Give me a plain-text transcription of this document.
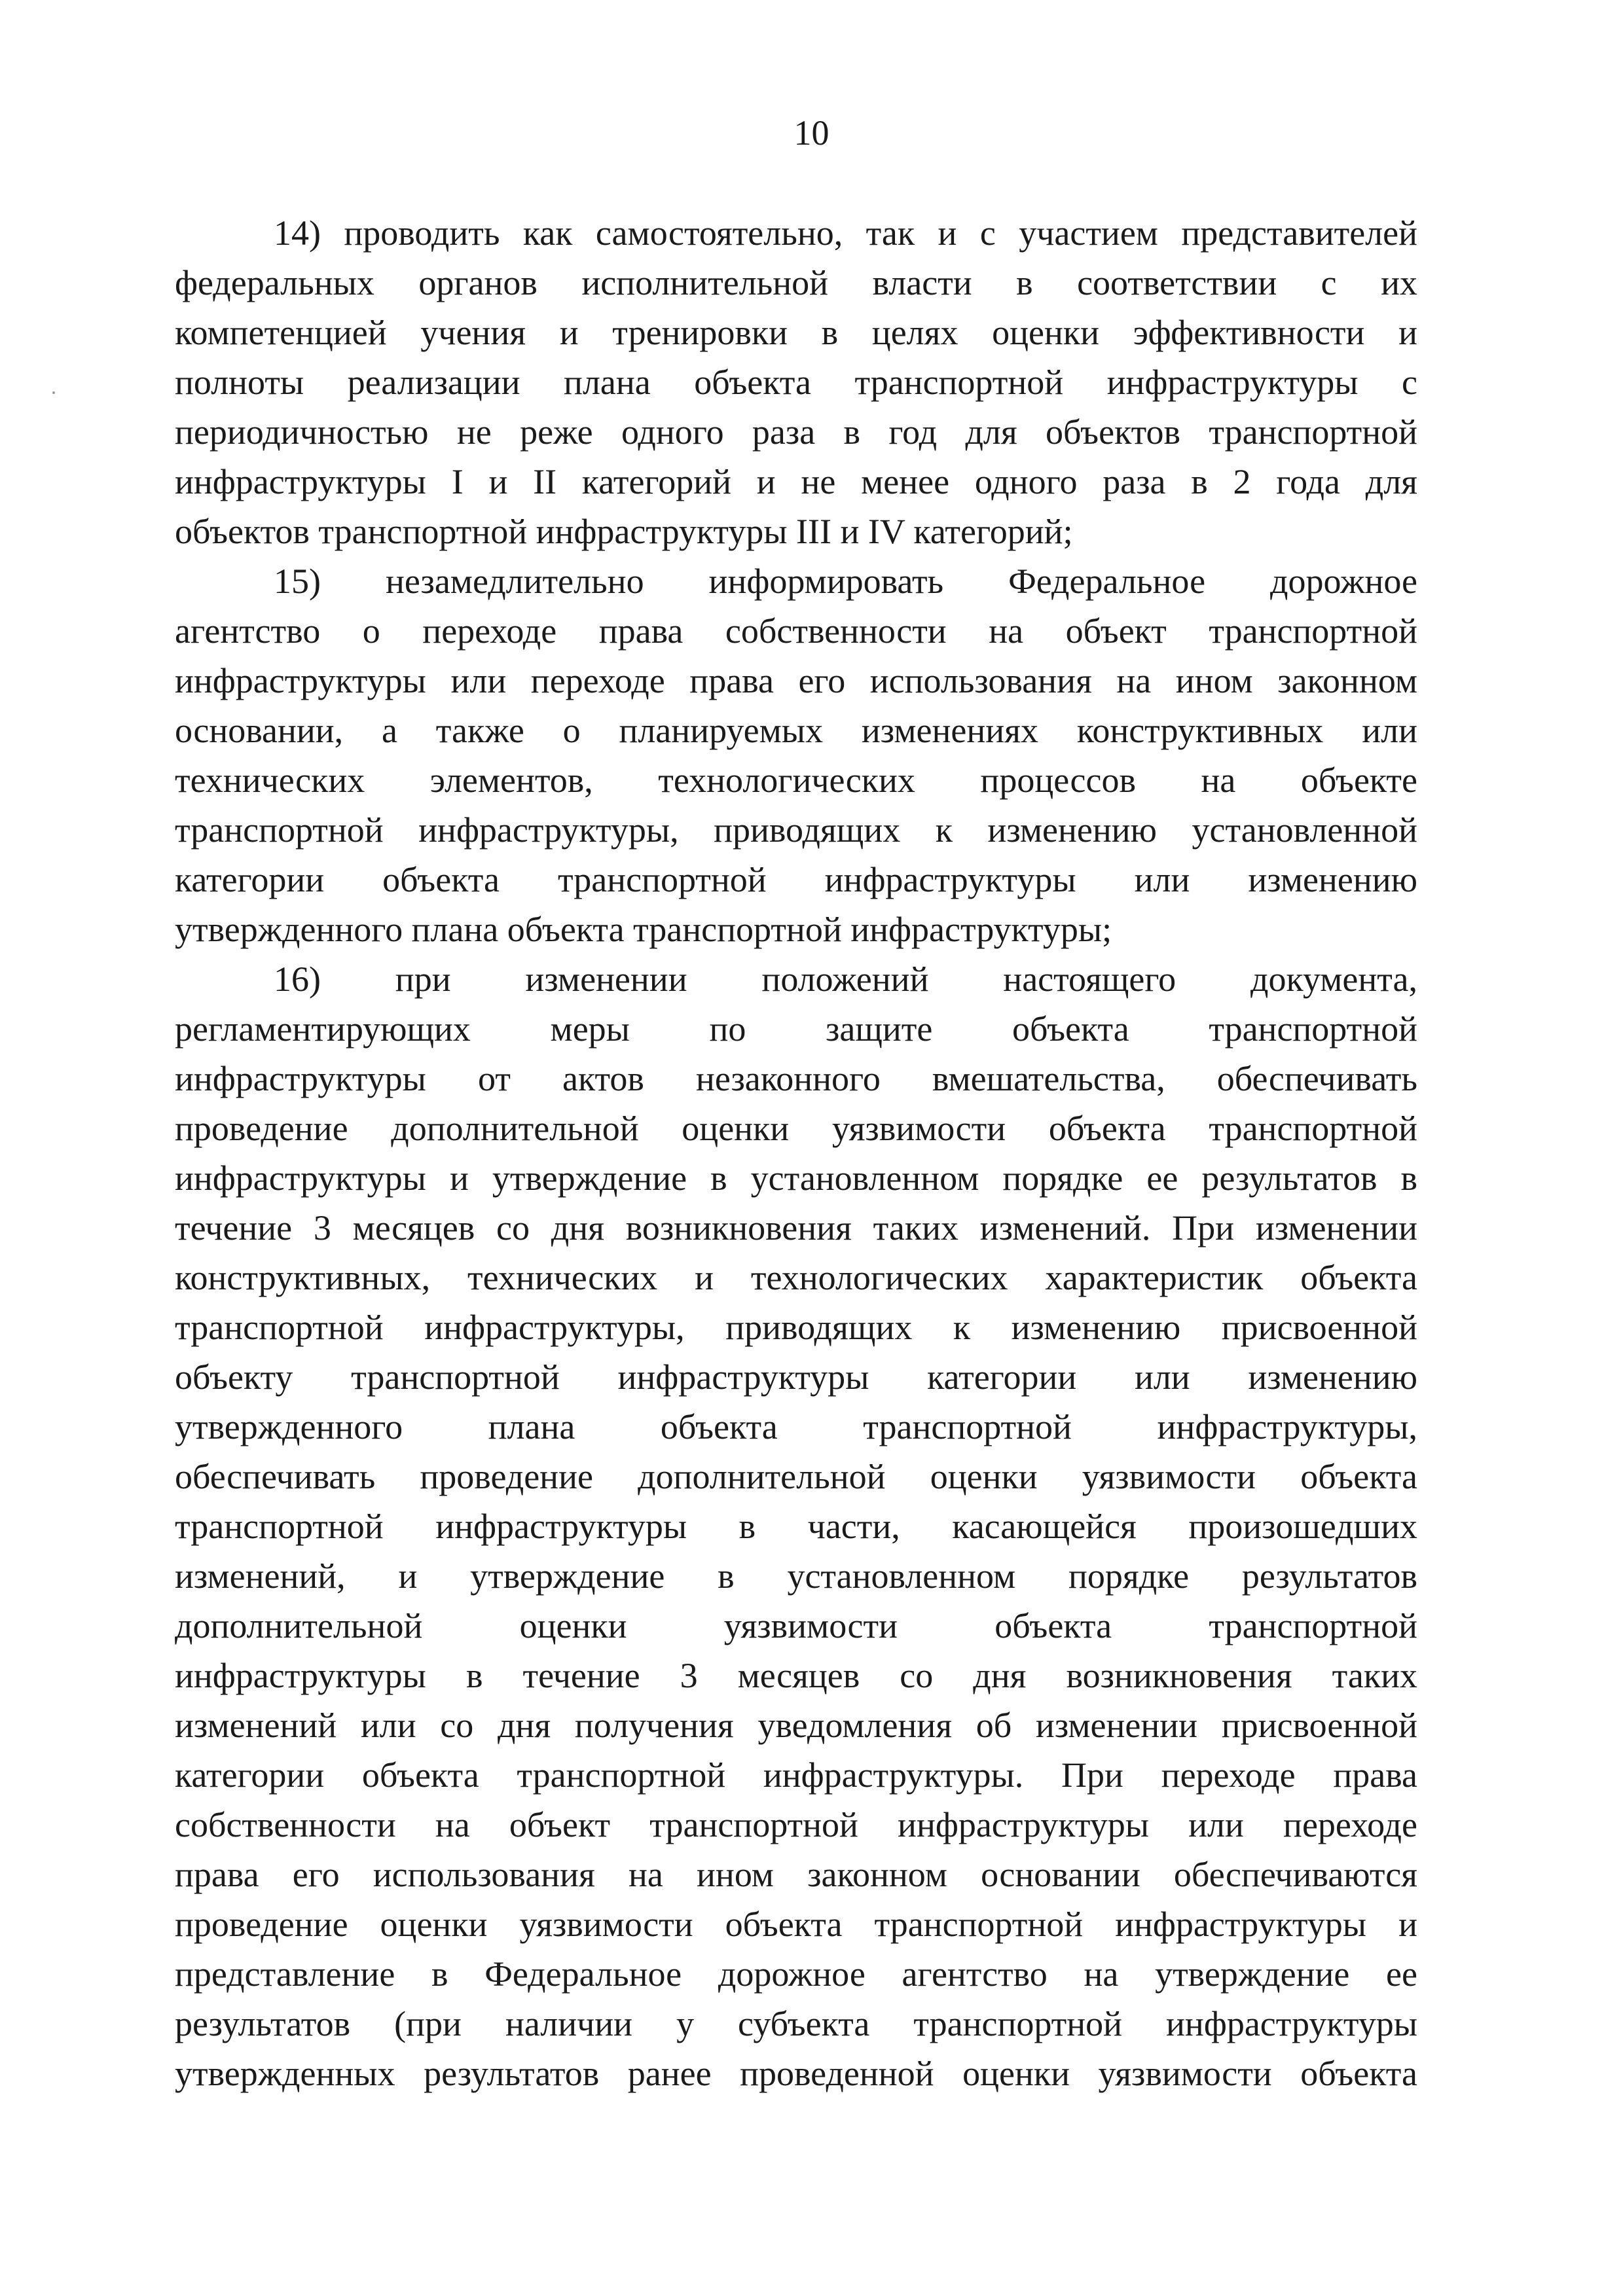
10
14) проводить как самостоятельно, так и с участием представителей
федеральных органов исполнительной власти в соответствии с их
компетенцией учения и тренировки в целях оценки эффективности и
полноты реализации плана объекта транспортной инфраструктуры с
периодичностью не реже одного раза в год для объектов транспортной
инфраструктуры I и II категорий и не менее одного раза в 2 года для
объектов транспортной инфраструктуры III и IV категорий;
15) незамедлительно информировать Федеральное дорожное
агентство о переходе права собственности на объект транспортной
инфраструктуры или переходе права его использования на ином законном
основании, а также о планируемых изменениях конструктивных или
технических элементов, технологических процессов на объекте
транспортной инфраструктуры, приводящих к изменению установленной
категории объекта транспортной инфраструктуры или изменению
утвержденного плана объекта транспортной инфраструктуры;
16) при изменении положений настоящего документа,
регламентирующих меры по защите объекта транспортной
инфраструктуры от актов незаконного вмешательства, обеспечивать
проведение дополнительной оценки уязвимости объекта транспортной
инфраструктуры и утверждение в установленном порядке ее результатов в
течение 3 месяцев со дня возникновения таких изменений. При изменении
конструктивных, технических и технологических характеристик объекта
транспортной инфраструктуры, приводящих к изменению присвоенной
объекту транспортной инфраструктуры категории или изменению
утвержденного плана объекта транспортной инфраструктуры,
обеспечивать проведение дополнительной оценки уязвимости объекта
транспортной инфраструктуры в части, касающейся произошедших
изменений, и утверждение в установленном порядке результатов
дополнительной оценки уязвимости объекта транспортной
инфраструктуры в течение 3 месяцев со дня возникновения таких
изменений или со дня получения уведомления об изменении присвоенной
категории объекта транспортной инфраструктуры. При переходе права
собственности на объект транспортной инфраструктуры или переходе
права его использования на ином законном основании обеспечиваются
проведение оценки уязвимости объекта транспортной инфраструктуры и
представление в Федеральное дорожное агентство на утверждение ее
результатов (при наличии у субъекта транспортной инфраструктуры
утвержденных результатов ранее проведенной оценки уязвимости объекта
